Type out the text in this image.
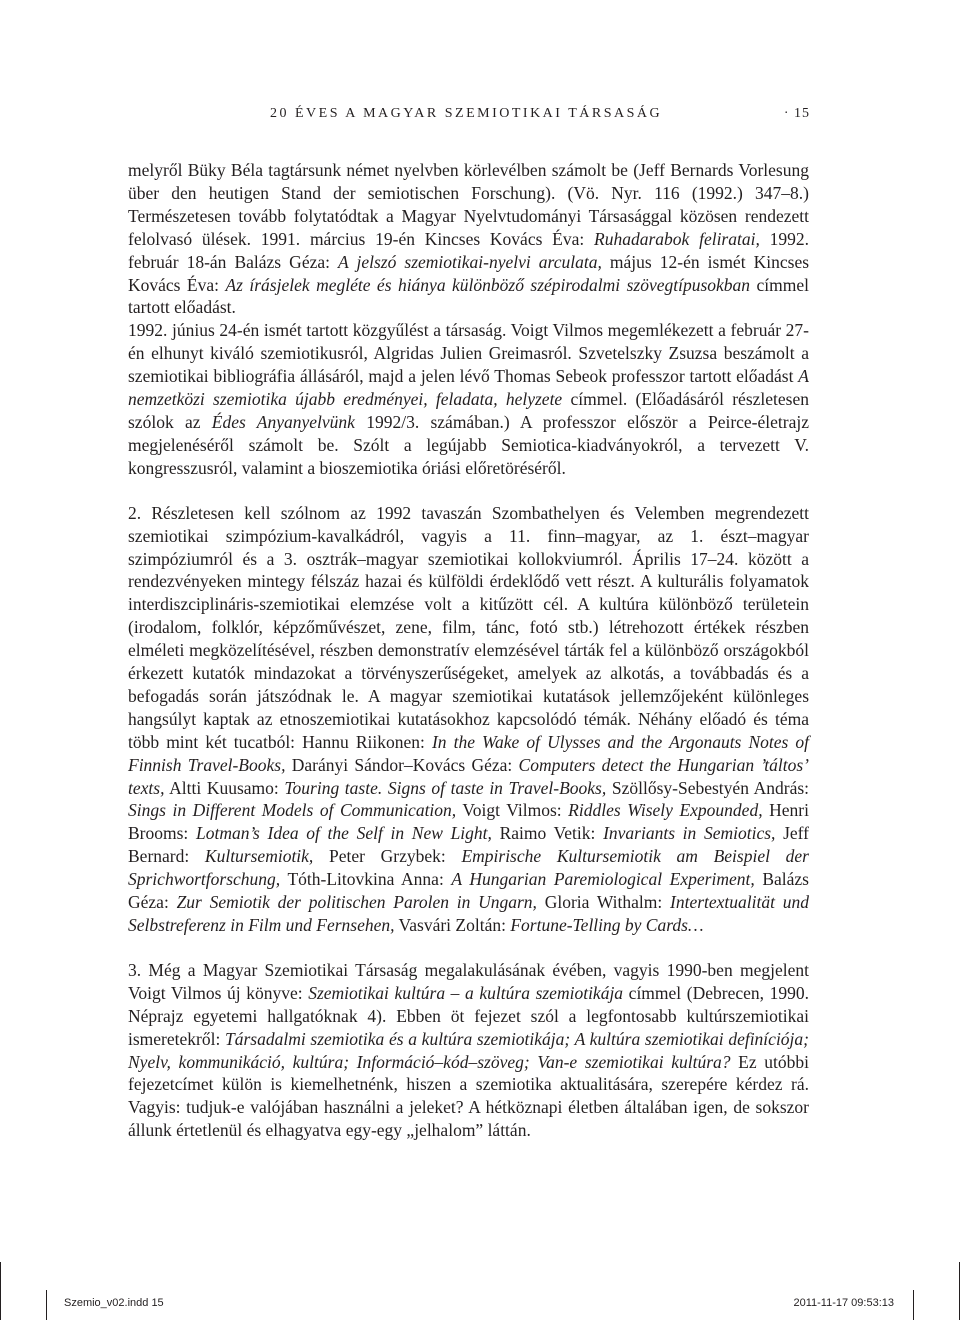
20 ÉVES A MAGYAR SZEMIOTIKAI TÁRSASÁG	· 15

melyről Büky Béla tagtársunk német nyelvben körlevélben számolt be (Jeff Bernards Vorlesung über den heutigen Stand der semiotischen Forschung). (Vö. Nyr. 116 (1992.) 347–8.) Természetesen tovább folytatódtak a Magyar Nyelvtudományi Társasággal közösen rendezett felolvasó ülések. 1991. március 19-én Kincses Kovács Éva: Ruhadarabok feliratai, 1992. február 18-án Balázs Géza: A jelszó szemiotikai-nyelvi arculata, május 12-én ismét Kincses Kovács Éva: Az írásjelek megléte és hiánya különböző szépirodalmi szövegtípusokban címmel tartott előadást.

1992. június 24-én ismét tartott közgyűlést a társaság. Voigt Vilmos megemlékezett a február 27-én elhunyt kiváló szemiotikusról, Algridas Julien Greimasról. Szvetelszky Zsuzsa beszámolt a szemiotikai bibliográfia állásáról, majd a jelen lévő Thomas Sebeok professzor tartott előadást A nemzetközi szemiotika újabb eredményei, feladata, helyzete címmel. (Előadásáról részletesen szólok az Édes Anyanyelvünk 1992/3. számában.) A professzor először a Peirce-életrajz megjelenéséről számolt be. Szólt a legújabb Semiotica-kiadványokról, a tervezett V. kongresszusról, valamint a bioszemiotika óriási előretöréséről.

2. Részletesen kell szólnom az 1992 tavaszán Szombathelyen és Velemben megrendezett szemiotikai szimpózium-kavalkádról, vagyis a 11. finn–magyar, az 1. észt–magyar szimpóziumról és a 3. osztrák–magyar szemiotikai kollokviumról. Április 17–24. között a rendezvényeken mintegy félszáz hazai és külföldi érdeklődő vett részt. A kulturális folyamatok interdiszciplináris-szemiotikai elemzése volt a kitűzött cél. A kultúra különböző területein (irodalom, folklór, képzőművészet, zene, film, tánc, fotó stb.) létrehozott értékek részben elméleti megközelítésével, részben demonstratív elemzésével tárták fel a különböző országokból érkezett kutatók mindazokat a törvényszerűségeket, amelyek az alkotás, a továbbadás és a befogadás során játszódnak le. A magyar szemiotikai kutatások jellemzőjeként különleges hangsúlyt kaptak az etnoszemiotikai kutatásokhoz kapcsolódó témák. Néhány előadó és téma több mint két tucatból: Hannu Riikonen: In the Wake of Ulysses and the Argonauts Notes of Finnish Travel-Books, Darányi Sándor–Kovács Géza: Computers detect the Hungarian ’táltos’ texts, Altti Kuusamo: Touring taste. Signs of taste in Travel-Books, Szöllősy-Sebestyén András: Sings in Different Models of Communication, Voigt Vilmos: Riddles Wisely Expounded, Henri Brooms: Lotman’s Idea of the Self in New Light, Raimo Vetik: Invariants in Semiotics, Jeff Bernard: Kultursemiotik, Peter Grzybek: Empirische Kultursemiotik am Beispiel der Sprichwortforschung, Tóth-Litovkina Anna: A Hungarian Paremiological Experiment, Balázs Géza: Zur Semiotik der politischen Parolen in Ungarn, Gloria Withalm: Intertextualität und Selbstreferenz in Film und Fernsehen, Vasvári Zoltán: Fortune-Telling by Cards…

3. Még a Magyar Szemiotikai Társaság megalakulásának évében, vagyis 1990-ben megjelent Voigt Vilmos új könyve: Szemiotikai kultúra – a kultúra szemiotikája címmel (Debrecen, 1990. Néprajz egyetemi hallgatóknak 4). Ebben öt fejezet szól a legfontosabb kultúrszemiotikai ismeretekről: Társadalmi szemiotika és a kultúra szemiotikája; A kultúra szemiotikai definíciója; Nyelv, kommunikáció, kultúra; Információ–kód–szöveg; Van-e szemiotikai kultúra? Ez utóbbi fejezetcímet külön is kiemelhetnénk, hiszen a szemiotika aktualitására, szerepére kérdez rá. Vagyis: tudjuk-e valójában használni a jeleket? A hétköznapi életben általában igen, de sokszor állunk értetlenül és elhagyatva egy-egy „jelhalom” láttán.

Szemio_v02.indd 15	2011-11-17 09:53:13
